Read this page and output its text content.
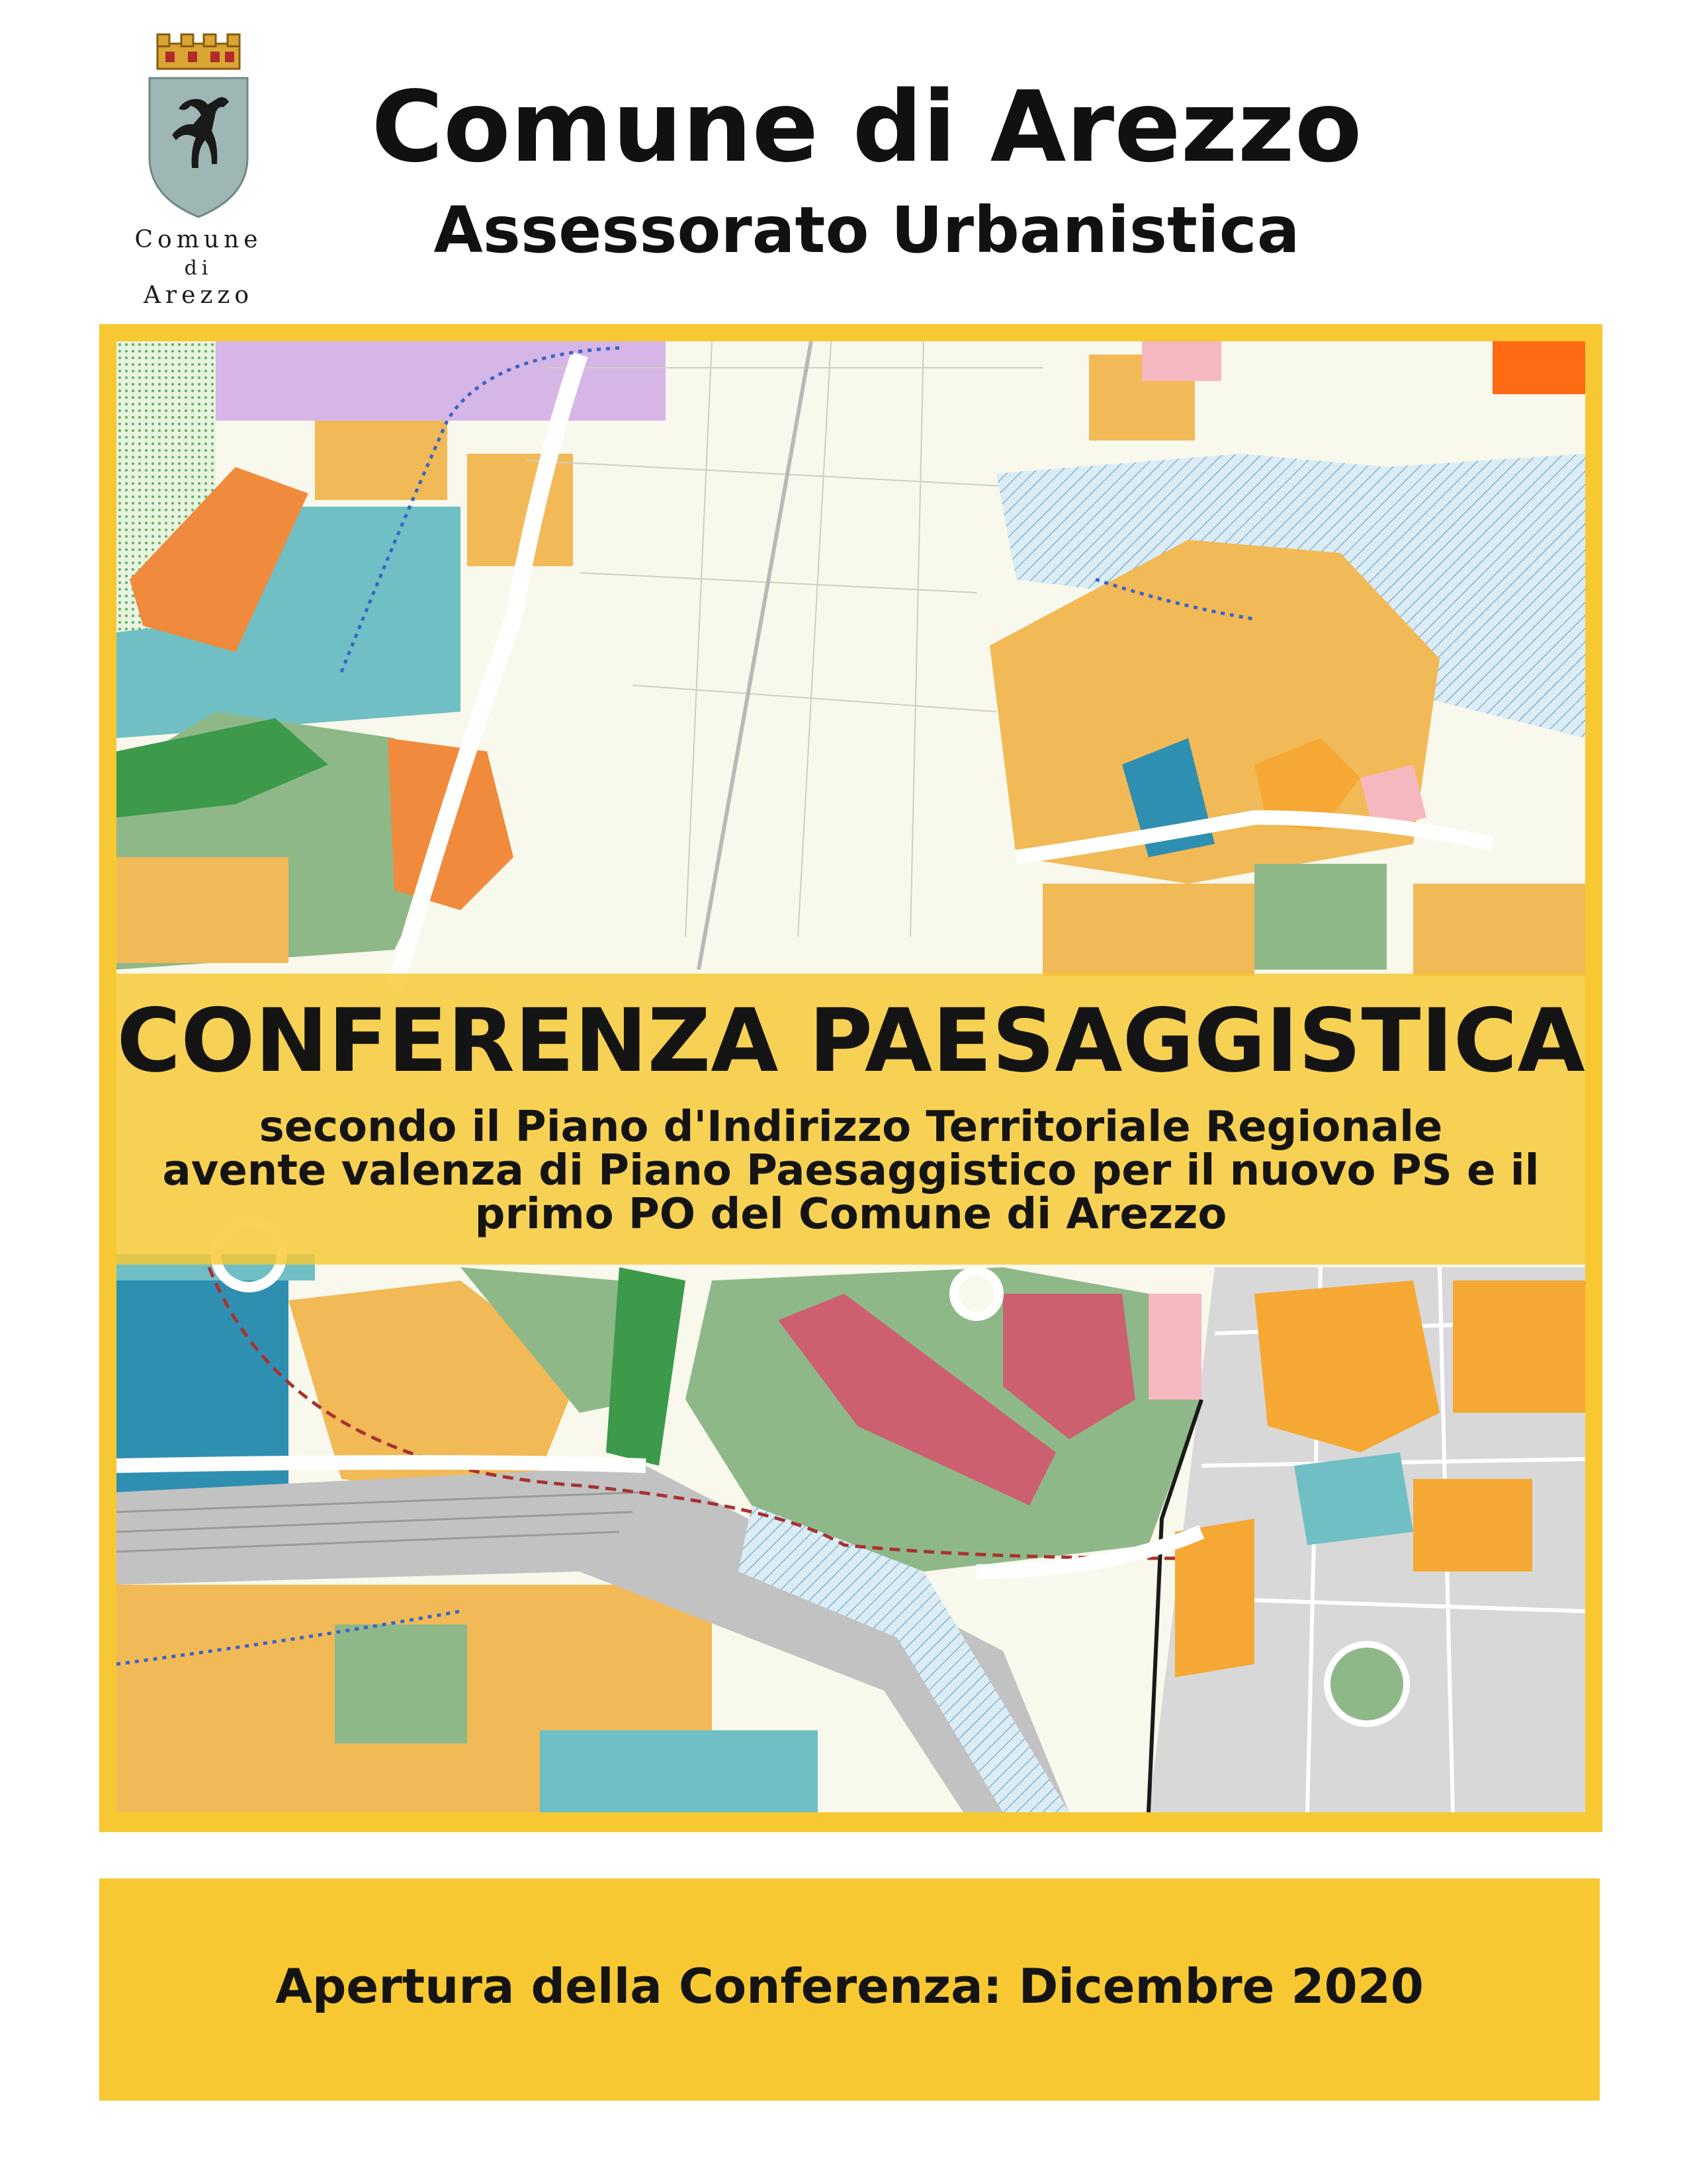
Comune
di
Arezzo
Comune di Arezzo
Assessorato Urbanistica
CONFERENZA PAESAGGISTICA
secondo il Piano d'Indirizzo Territoriale Regionale
avente valenza di Piano Paesaggistico per il nuovo PS e il
primo PO del Comune di Arezzo
Apertura della Conferenza: Dicembre 2020
